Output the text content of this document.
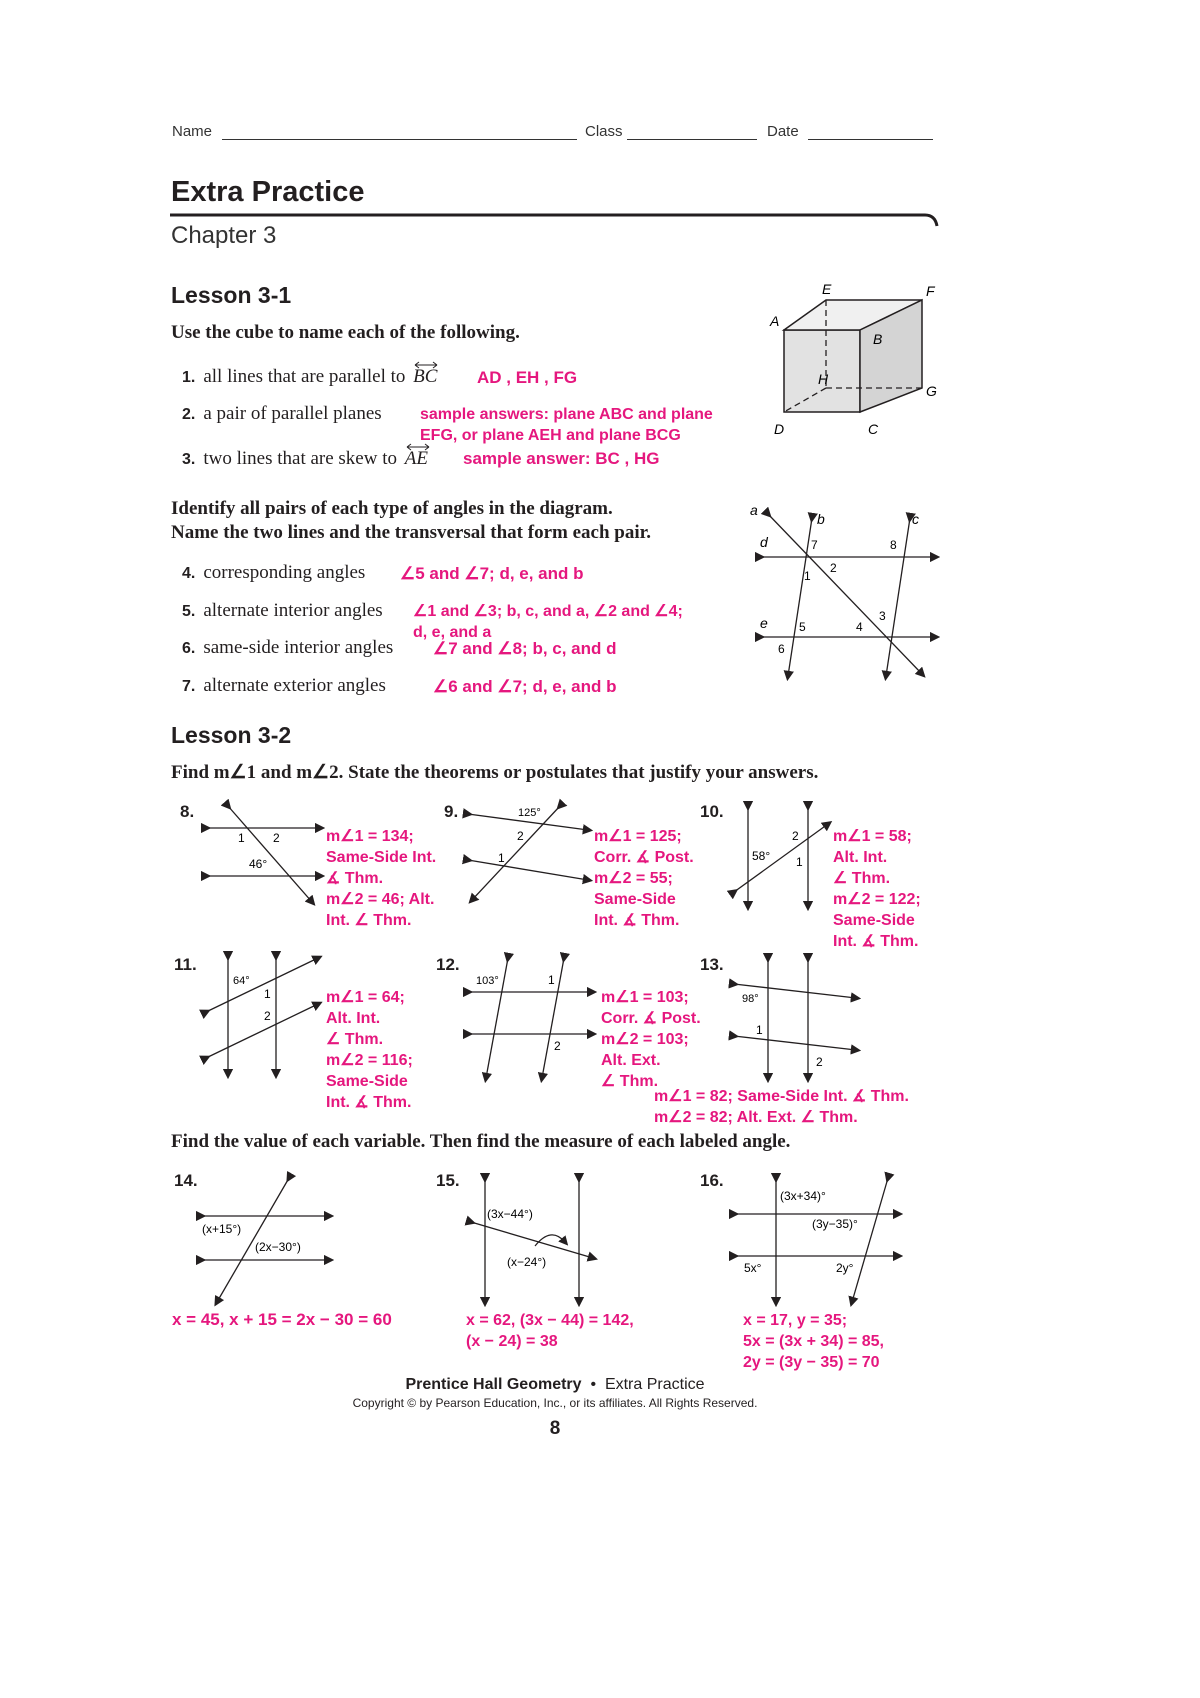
Name	Class	Date
Extra Practice
Chapter 3
Lesson 3-1
Use the cube to name each of the following.
1. all lines that are parallel to BC AD , EH , FG
2. a pair of parallel planes sample answers: plane ABC and plane
EFG, or plane AEH and plane BCG
3. two lines that are skew to AE sample answer: BC , HG
E	F
A
B
H
G
D	C
Identify all pairs of each type of angles in the diagram.
Name the two lines and the transversal that form each pair.
4. corresponding angles ∠5 and ∠7; d, e, and b
5. alternate interior angles ∠1 and ∠3; b, c, and a, ∠2 and ∠4;
d, e, and a
6. same-side interior angles ∠7 and ∠8; b, c, and d
7. alternate exterior angles	∠6 and ∠7; d, e, and b
a
b	c
d
e
1
2
3
4
5
6
7	8
Lesson 3-2
Find m∠1 and m∠2. State the theorems or postulates that justify your answers.
8.
1 2
46°
m∠1 = 134;
Same-Side Int.
∡ Thm.
m∠2 = 46; Alt.
Int. ∠ Thm.
9.	125°
2
1
m∠1 = 125;
Corr. ∡ Post.
m∠2 = 55;
Same-Side
Int. ∡ Thm.
10.
58°
2
1
m∠1 = 58;
Alt. Int.
∠ Thm.
m∠2 = 122;
Same-Side
Int. ∡ Thm.
11.
64°
1
2
m∠1 = 64;
Alt. Int.
∠ Thm.
m∠2 = 116;
Same-Side
Int. ∡ Thm.
12.
103°	1
2
m∠1 = 103;
Corr. ∡ Post.
m∠2 = 103;
Alt. Ext.
∠ Thm.
13.
98°
1
2
m∠1 = 82; Same-Side Int. ∡ Thm.
m∠2 = 82; Alt. Ext. ∠ Thm.
Find the value of each variable. Then find the measure of each labeled angle.
14.
(x+15°)
(2x−30°)
x = 45, x + 15 = 2x − 30 = 60
15.
(3x−44°)
(x−24°)
x = 62, (3x − 44) = 142,
(x − 24) = 38
16.
(3x+34)°
(3y−35)°
5x°	2y°
x = 17, y = 35;
5x = (3x + 34) = 85,
2y = (3y − 35) = 70
Prentice Hall Geometry • Extra Practice
Copyright © by Pearson Education, Inc., or its affiliates. All Rights Reserved.
8
